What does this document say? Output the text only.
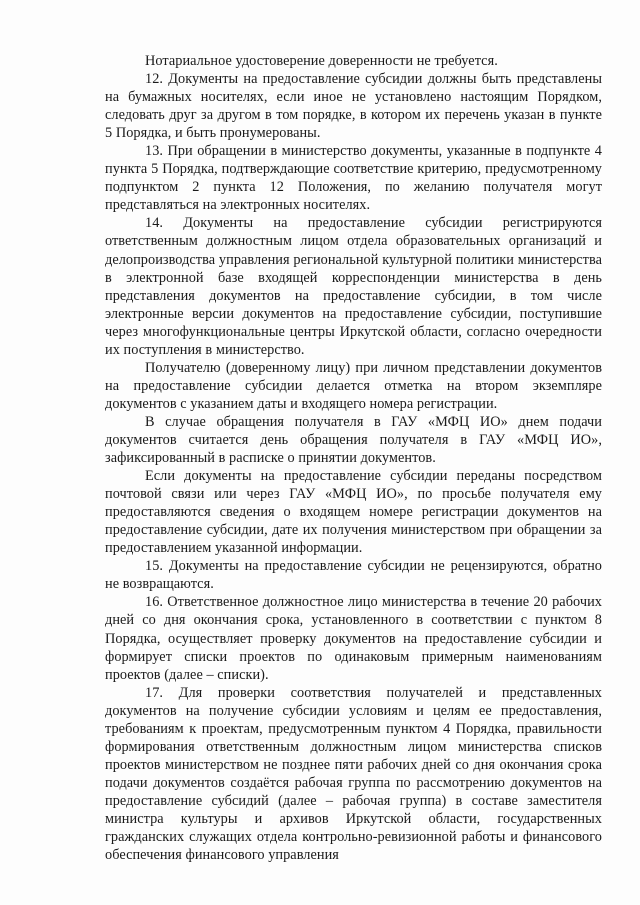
Нотариальное удостоверение доверенности не требуется.

12. Документы на предоставление субсидии должны быть представлены на бумажных носителях, если иное не установлено настоящим Порядком, следовать друг за другом в том порядке, в котором их перечень указан в пункте 5 Порядка, и быть пронумерованы.

13. При обращении в министерство документы, указанные в подпункте 4 пункта 5 Порядка, подтверждающие соответствие критерию, предусмотренному подпунктом 2 пункта 12 Положения, по желанию получателя могут представляться на электронных носителях.

14. Документы на предоставление субсидии регистрируются ответственным должностным лицом отдела образовательных организаций и делопроизводства управления региональной культурной политики министерства в электронной базе входящей корреспонденции министерства в день представления документов на предоставление субсидии, в том числе электронные версии документов на предоставление субсидии, поступившие через многофункциональные центры Иркутской области, согласно очередности их поступления в министерство.

Получателю (доверенному лицу) при личном представлении документов на предоставление субсидии делается отметка на втором экземпляре документов с указанием даты и входящего номера регистрации.

В случае обращения получателя в ГАУ «МФЦ ИО» днем подачи документов считается день обращения получателя в ГАУ «МФЦ ИО», зафиксированный в расписке о принятии документов.

Если документы на предоставление субсидии переданы посредством почтовой связи или через ГАУ «МФЦ ИО», по просьбе получателя ему предоставляются сведения о входящем номере регистрации документов на предоставление субсидии, дате их получения министерством при обращении за предоставлением указанной информации.

15. Документы на предоставление субсидии не рецензируются, обратно не возвращаются.

16. Ответственное должностное лицо министерства в течение 20 рабочих дней со дня окончания срока, установленного в соответствии с пунктом 8 Порядка, осуществляет проверку документов на предоставление субсидии и формирует списки проектов по одинаковым примерным наименованиям проектов (далее – списки).

17. Для проверки соответствия получателей и представленных документов на получение субсидии условиям и целям ее предоставления, требованиям к проектам, предусмотренным пунктом 4 Порядка, правильности формирования ответственным должностным лицом министерства списков проектов министерством не позднее пяти рабочих дней со дня окончания срока подачи документов создаётся рабочая группа по рассмотрению документов на предоставление субсидий (далее – рабочая группа) в составе заместителя министра культуры и архивов Иркутской области, государственных гражданских служащих отдела контрольно-ревизионной работы и финансового обеспечения финансового управления
